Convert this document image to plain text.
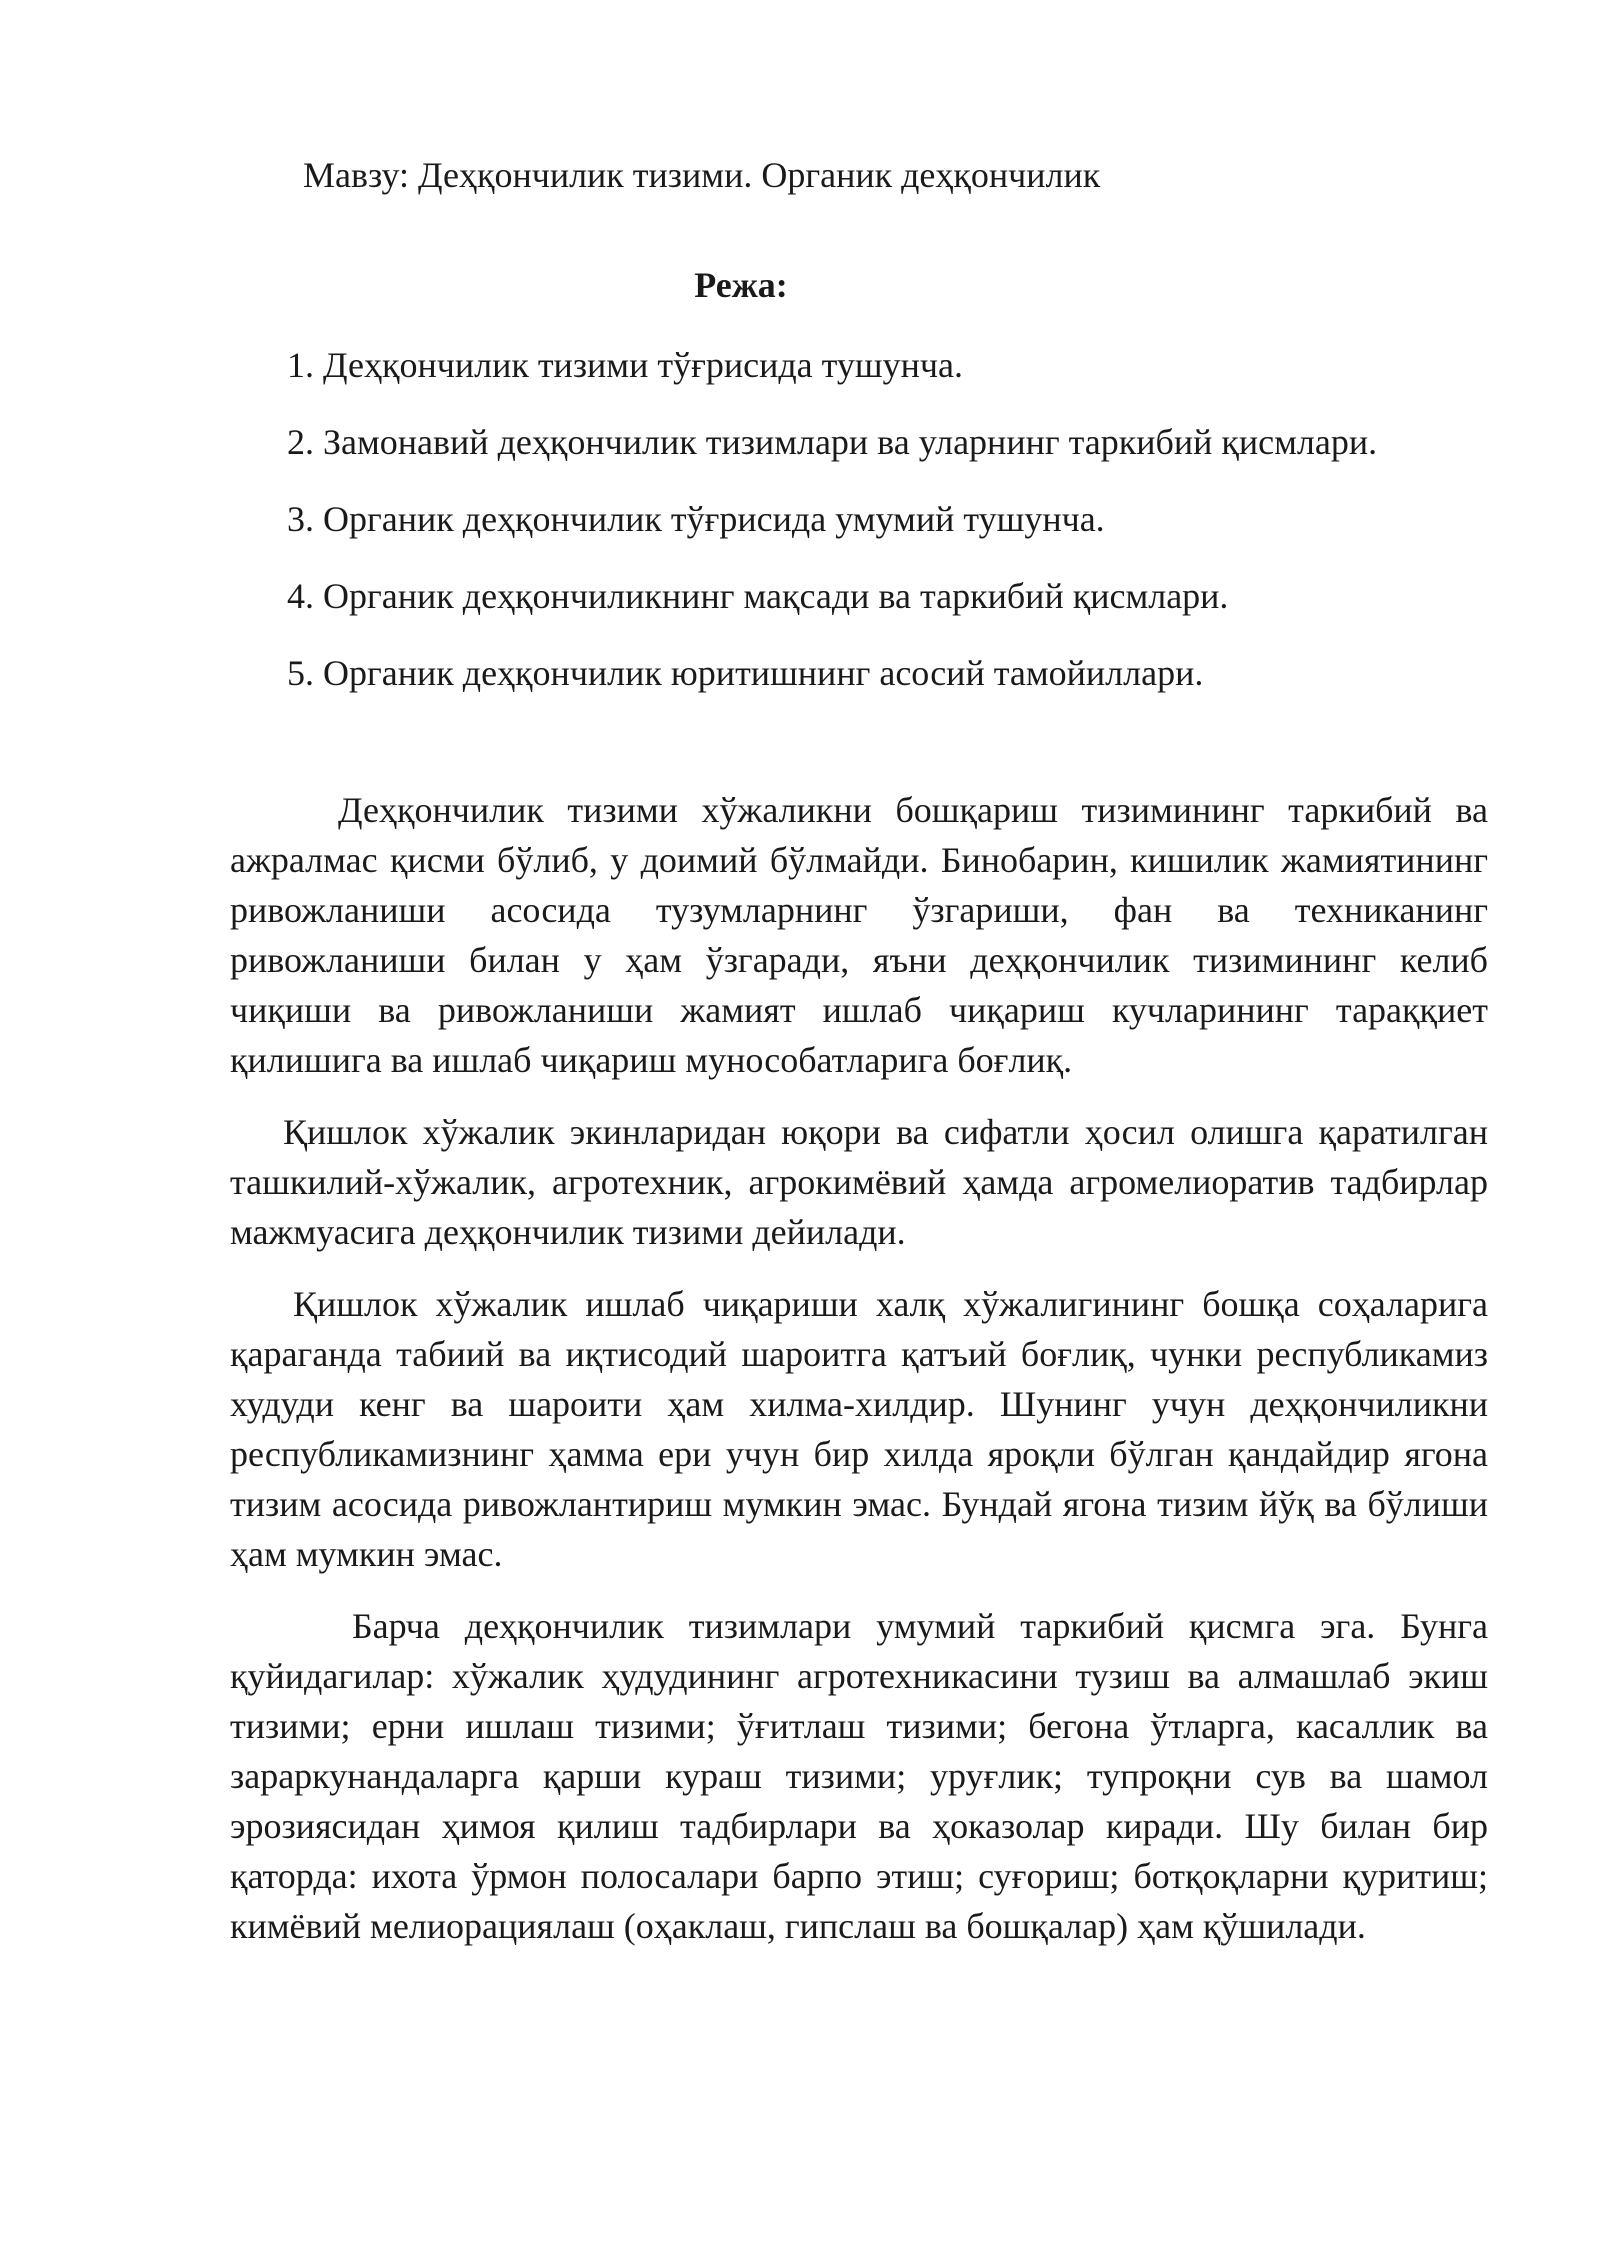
Мавзу: Деҳқончилик тизими. Органик деҳқончилик
Режа:
1. Деҳқончилик тизими тўғрисида тушунча.
2. Замонавий деҳқончилик тизимлари ва уларнинг таркибий қисмлари.
3. Органик деҳқончилик тўғрисида умумий тушунча.
4. Органик деҳқончиликнинг мақсади ва таркибий қисмлари.
5. Органик деҳқончилик юритишнинг асосий тамойиллари.

Деҳқончилик тизими хўжаликни бошқариш тизимининг таркибий ва ажралмас қисми бўлиб, у доимий бўлмайди. Бинобарин, кишилик жамиятининг ривожланиши асосида тузумларнинг ўзгариши, фан ва техниканинг ривожланиши билан у ҳам ўзгаради, яъни деҳқончилик тизимининг келиб чиқиши ва ривожланиши жамият ишлаб чиқариш кучларининг тараққиет қилишига ва ишлаб чиқариш мунособатларига боғлиқ.

Қишлок хўжалик экинларидан юқори ва сифатли ҳосил олишга қаратилган ташкилий-хўжалик, агротехник, агрокимёвий ҳамда агромелиоратив тадбирлар мажмуасига деҳқончилик тизими дейилади.

Қишлок хўжалик ишлаб чиқариши халқ хўжалигининг бошқа соҳаларига қараганда табиий ва иқтисодий шароитга қатъий боғлиқ, чунки республикамиз худуди кенг ва шароити ҳам хилма-хилдир. Шунинг учун деҳқончиликни республикамизнинг ҳамма ери учун бир хилда яроқли бўлган қандайдир ягона тизим асосида ривожлантириш мумкин эмас. Бундай ягона тизим йўқ ва бўлиши ҳам мумкин эмас.

Барча деҳқончилик тизимлари умумий таркибий қисмга эга. Бунга қуйидагилар: хўжалик ҳудудининг агротехникасини тузиш ва алмашлаб экиш тизими; ерни ишлаш тизими; ўғитлаш тизими; бегона ўтларга, касаллик ва зараркунандаларга қарши кураш тизими; уруғлик; тупроқни сув ва шамол эрозиясидан ҳимоя қилиш тадбирлари ва ҳоказолар киради. Шу билан бир қаторда: ихота ўрмон полосалари барпо этиш; суғориш; ботқоқларни қуритиш; кимёвий мелиорациялаш (оҳаклаш, гипслаш ва бошқалар) ҳам қўшилади.
